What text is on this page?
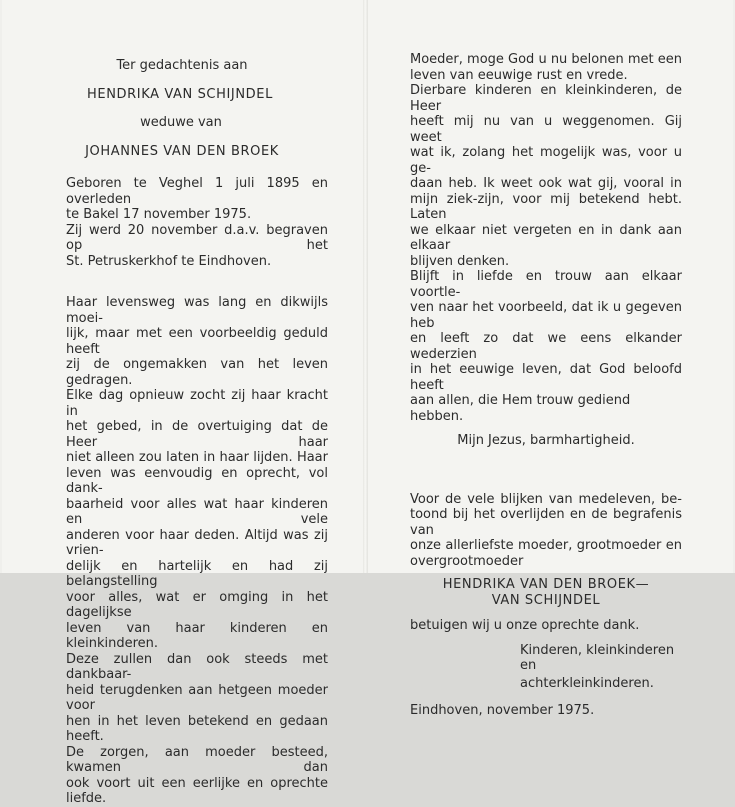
Ter gedachtenis aan

HENDRIKA VAN SCHIJNDEL

weduwe van

JOHANNES VAN DEN BROEK

Geboren te Veghel 1 juli 1895 en overleden

te Bakel 17 november 1975.

Zij werd 20 november d.a.v. begraven op het

St. Petruskerkhof te Eindhoven.

Haar levensweg was lang en dikwijls moei-

lijk, maar met een voorbeeldig geduld heeft

zij de ongemakken van het leven gedragen.

Elke dag opnieuw zocht zij haar kracht in

het gebed, in de overtuiging dat de Heer haar

niet alleen zou laten in haar lijden. Haar

leven was eenvoudig en oprecht, vol dank-

baarheid voor alles wat haar kinderen en vele

anderen voor haar deden. Altijd was zij vrien-

delijk en hartelijk en had zij belangstelling

voor alles, wat er omging in het dagelijkse

leven van haar kinderen en kleinkinderen.

Deze zullen dan ook steeds met dankbaar-

heid terugdenken aan hetgeen moeder voor

hen in het leven betekend en gedaan heeft.

De zorgen, aan moeder besteed, kwamen dan

ook voort uit een eerlijke en oprechte liefde.

Moeder, moge God u nu belonen met een

leven van eeuwige rust en vrede.

Dierbare kinderen en kleinkinderen, de Heer

heeft mij nu van u weggenomen. Gij weet

wat ik, zolang het mogelijk was, voor u ge-

daan heb. Ik weet ook wat gij, vooral in

mijn ziek-zijn, voor mij betekend hebt. Laten

we elkaar niet vergeten en in dank aan elkaar

blijven denken.

Blijft in liefde en trouw aan elkaar voortle-

ven naar het voorbeeld, dat ik u gegeven heb

en leeft zo dat we eens elkander wederzien

in het eeuwige leven, dat God beloofd heeft

aan allen, die Hem trouw gediend hebben.

Mijn Jezus, barmhartigheid.

Voor de vele blijken van medeleven, be-

toond bij het overlijden en de begrafenis van

onze allerliefste moeder, grootmoeder en

overgrootmoeder

HENDRIKA VAN DEN BROEK—

VAN SCHIJNDEL

betuigen wij u onze oprechte dank.

Kinderen, kleinkinderen en

achterkleinkinderen.

Eindhoven, november 1975.
